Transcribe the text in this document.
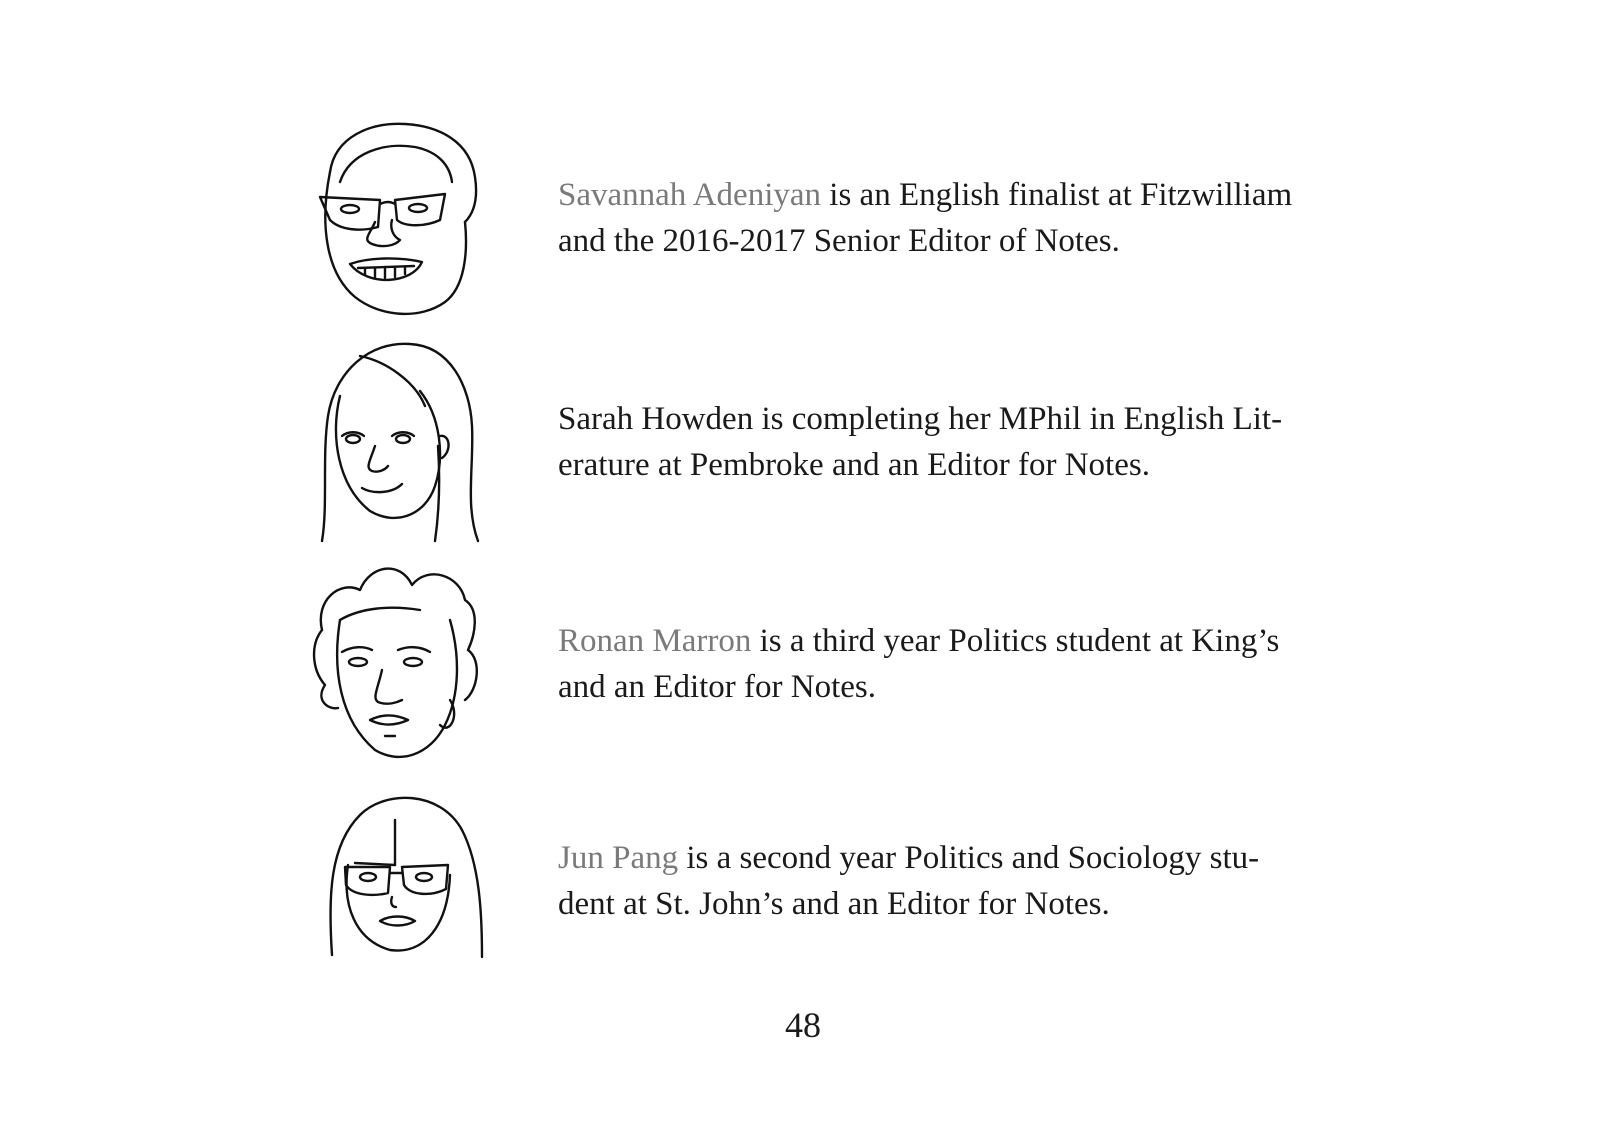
Savannah Adeniyan is an English finalist at Fitzwilliam
and the 2016-2017 Senior Editor of Notes.

Sarah Howden is completing her MPhil in English Lit-
erature at Pembroke and an Editor for Notes.

Ronan Marron is a third year Politics student at King’s
and an Editor for Notes.

Jun Pang is a second year Politics and Sociology stu-
dent at St. John’s and an Editor for Notes.

48
